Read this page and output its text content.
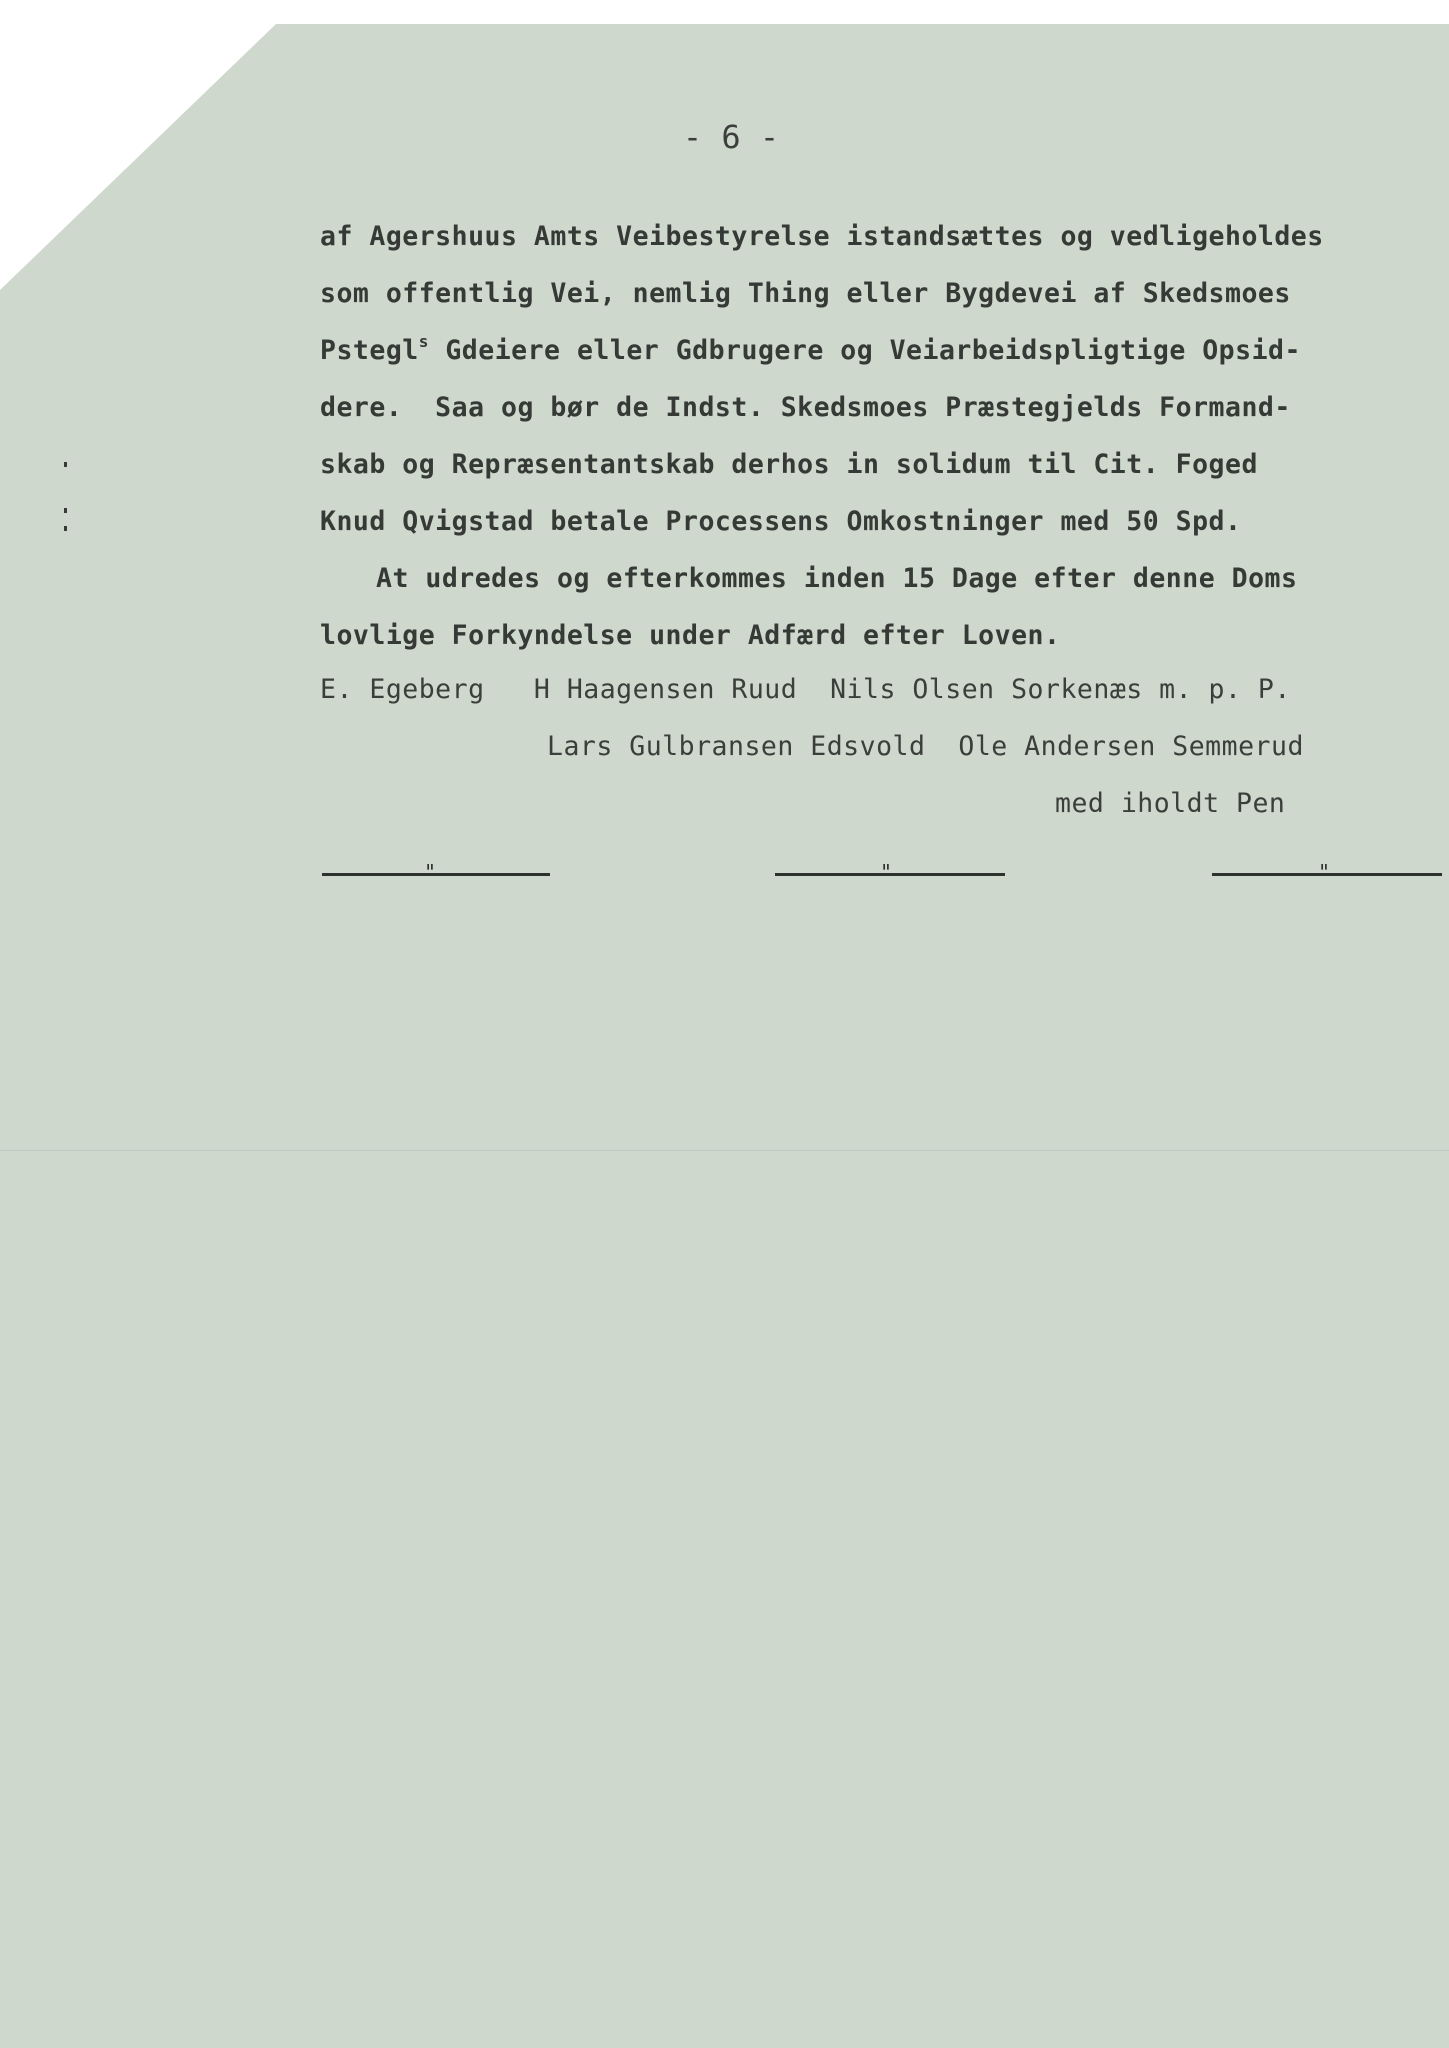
- 6 -
af Agershuus Amts Veibestyrelse istandsættes og vedligeholdes
som offentlig Vei, nemlig Thing eller Bygdevei af Skedsmoes
Pstegl$^s$ Gdeiere eller Gdbrugere og Veiarbeidspligtige Opsid-
dere.  Saa og bør de Indst. Skedsmoes Præstegjelds Formand-
skab og Repræsentantskab derhos in solidum til Cit. Foged
Knud Qvigstad betale Processens Omkostninger med 50 Spd.
At udredes og efterkommes inden 15 Dage efter denne Doms
lovlige Forkyndelse under Adfærd efter Loven.
E. Egeberg   H Haagensen Ruud  Nils Olsen Sorkenæs m. p. P.
Lars Gulbransen Edsvold  Ole Andersen Semmerud
med iholdt Pen
"	"	"
